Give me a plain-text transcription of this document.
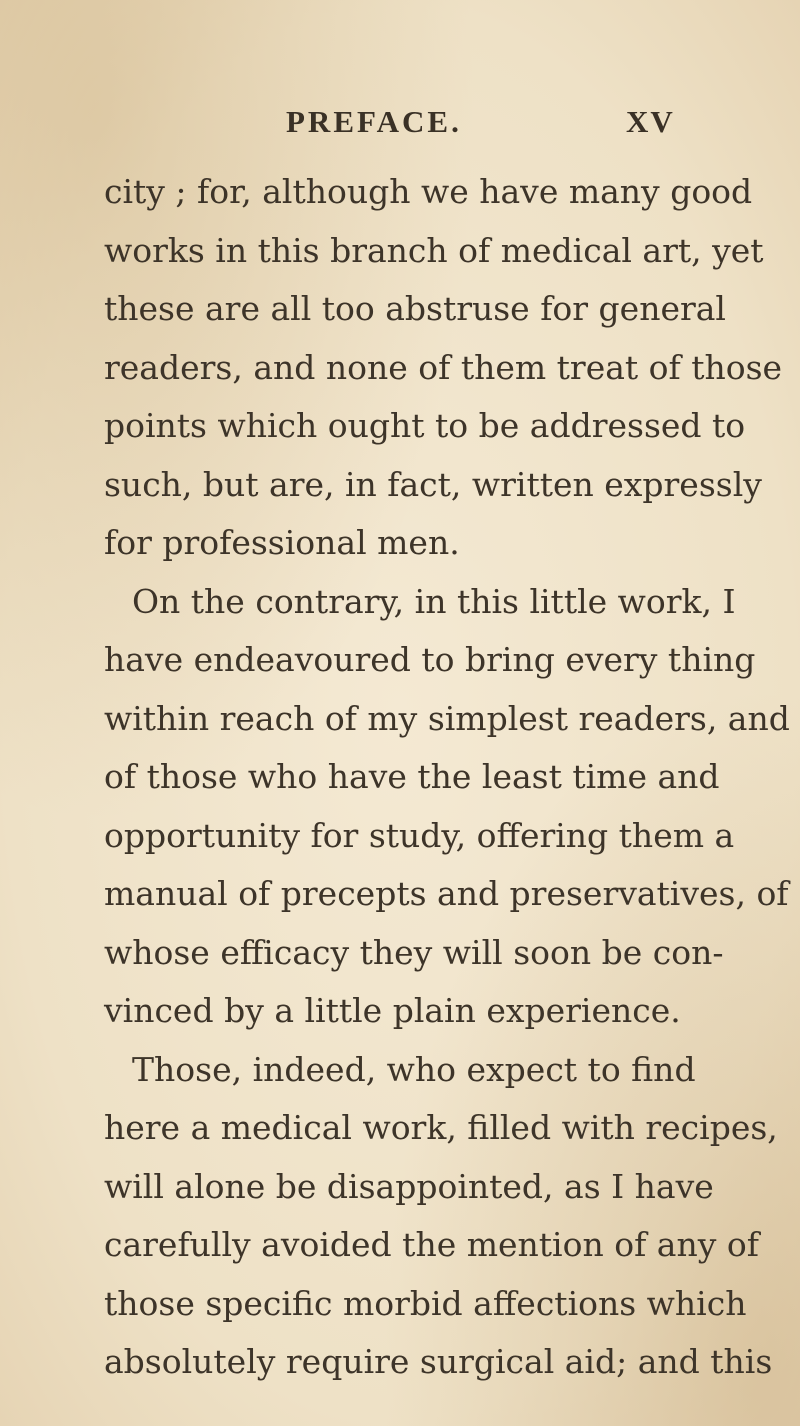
PREFACE.	XV
city ; for, although we have many good
works in this branch of medical art, yet
these are all too abstruse for general
readers, and none of them treat of those
points which ought to be addressed to
such, but are, in fact, written expressly
for professional men.
On the contrary, in this little work, I
have endeavoured to bring every thing
within reach of my simplest readers, and
of those who have the least time and
opportunity for study, offering them a
manual of precepts and preservatives, of
whose efficacy they will soon be con-
vinced by a little plain experience.
Those, indeed, who expect to find
here a medical work, filled with recipes,
will alone be disappointed, as I have
carefully avoided the mention of any of
those specific morbid affections which
absolutely require surgical aid; and this
